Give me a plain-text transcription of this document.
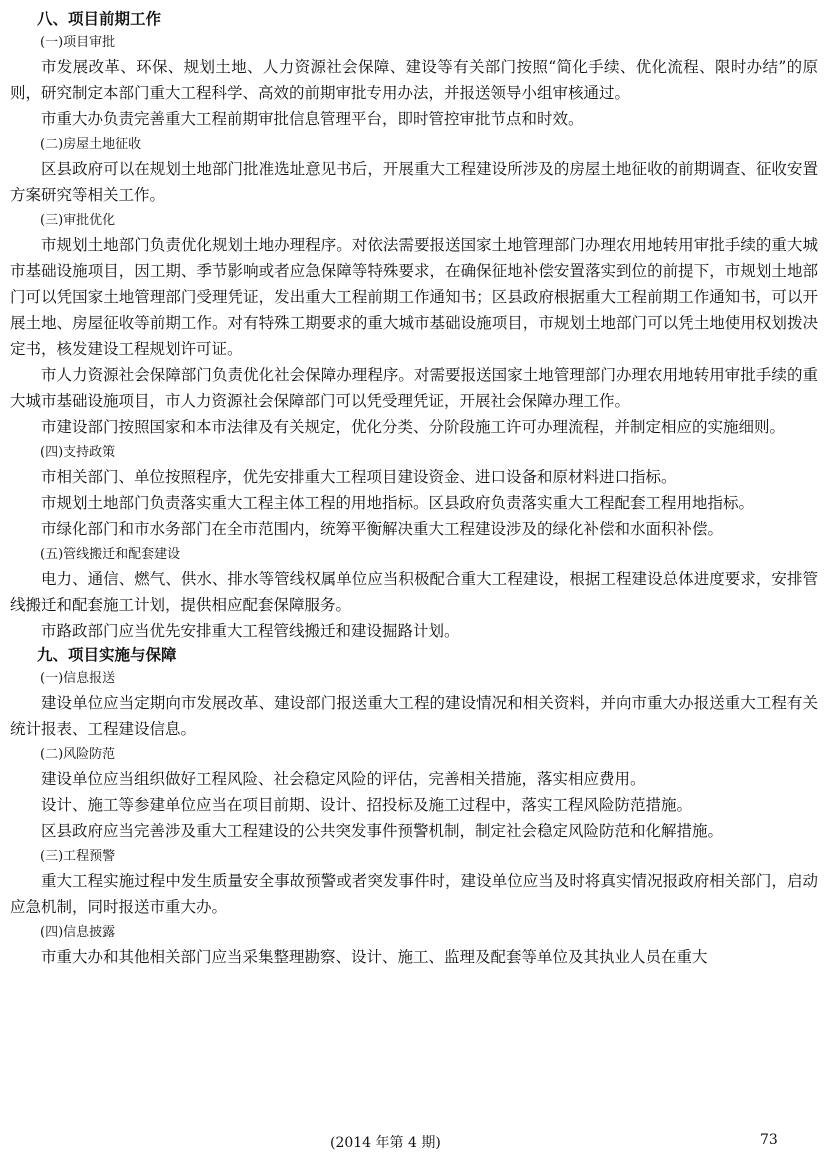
八、项目前期工作
(一)项目审批
市发展改革、环保、规划土地、人力资源社会保障、建设等有关部门按照“简化手续、优化流程、限时办结”的原则，研究制定本部门重大工程科学、高效的前期审批专用办法，并报送领导小组审核通过。
市重大办负责完善重大工程前期审批信息管理平台，即时管控审批节点和时效。
(二)房屋土地征收
区县政府可以在规划土地部门批准选址意见书后，开展重大工程建设所涉及的房屋土地征收的前期调查、征收安置方案研究等相关工作。
(三)审批优化
市规划土地部门负责优化规划土地办理程序。对依法需要报送国家土地管理部门办理农用地转用审批手续的重大城市基础设施项目，因工期、季节影响或者应急保障等特殊要求，在确保征地补偿安置落实到位的前提下，市规划土地部门可以凭国家土地管理部门受理凭证，发出重大工程前期工作通知书；区县政府根据重大工程前期工作通知书，可以开展土地、房屋征收等前期工作。对有特殊工期要求的重大城市基础设施项目，市规划土地部门可以凭土地使用权划拨决定书，核发建设工程规划许可证。
市人力资源社会保障部门负责优化社会保障办理程序。对需要报送国家土地管理部门办理农用地转用审批手续的重大城市基础设施项目，市人力资源社会保障部门可以凭受理凭证，开展社会保障办理工作。
市建设部门按照国家和本市法律及有关规定，优化分类、分阶段施工许可办理流程，并制定相应的实施细则。
(四)支持政策
市相关部门、单位按照程序，优先安排重大工程项目建设资金、进口设备和原材料进口指标。
市规划土地部门负责落实重大工程主体工程的用地指标。区县政府负责落实重大工程配套工程用地指标。
市绿化部门和市水务部门在全市范围内，统筹平衡解决重大工程建设涉及的绿化补偿和水面积补偿。
(五)管线搬迁和配套建设
电力、通信、燃气、供水、排水等管线权属单位应当积极配合重大工程建设，根据工程建设总体进度要求，安排管线搬迁和配套施工计划，提供相应配套保障服务。
市路政部门应当优先安排重大工程管线搬迁和建设掘路计划。
九、项目实施与保障
(一)信息报送
建设单位应当定期向市发展改革、建设部门报送重大工程的建设情况和相关资料，并向市重大办报送重大工程有关统计报表、工程建设信息。
(二)风险防范
建设单位应当组织做好工程风险、社会稳定风险的评估，完善相关措施，落实相应费用。
设计、施工等参建单位应当在项目前期、设计、招投标及施工过程中，落实工程风险防范措施。
区县政府应当完善涉及重大工程建设的公共突发事件预警机制，制定社会稳定风险防范和化解措施。
(三)工程预警
重大工程实施过程中发生质量安全事故预警或者突发事件时，建设单位应当及时将真实情况报政府相关部门，启动应急机制，同时报送市重大办。
(四)信息披露
市重大办和其他相关部门应当采集整理勘察、设计、施工、监理及配套等单位及其执业人员在重大
(2014 年第 4 期)	73
